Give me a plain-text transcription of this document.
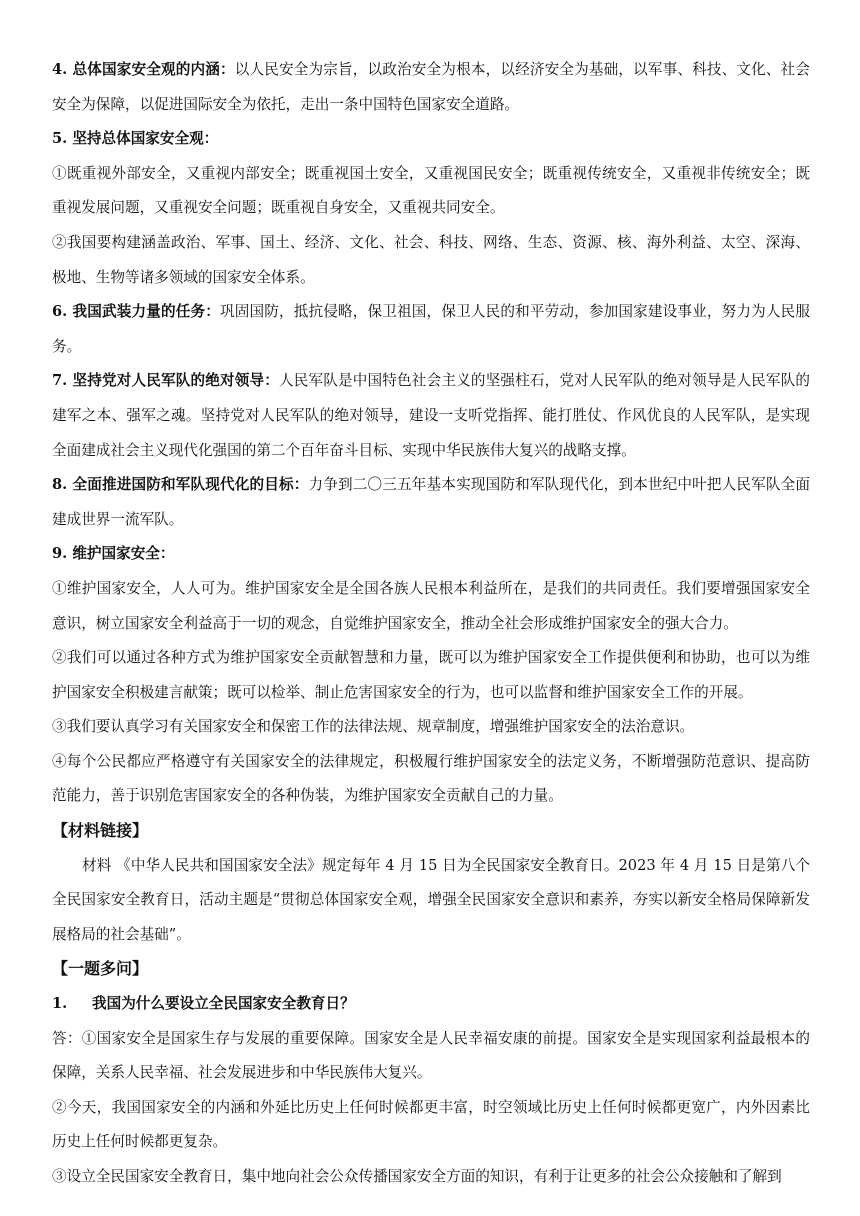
4. 总体国家安全观的内涵：以人民安全为宗旨，以政治安全为根本，以经济安全为基础，以军事、科技、文化、社会安全为保障，以促进国际安全为依托，走出一条中国特色国家安全道路。

5. 坚持总体国家安全观：

①既重视外部安全，又重视内部安全；既重视国土安全，又重视国民安全；既重视传统安全，又重视非传统安全；既重视发展问题，又重视安全问题；既重视自身安全，又重视共同安全。

②我国要构建涵盖政治、军事、国土、经济、文化、社会、科技、网络、生态、资源、核、海外利益、太空、深海、极地、生物等诸多领域的国家安全体系。

6. 我国武装力量的任务：巩固国防，抵抗侵略，保卫祖国，保卫人民的和平劳动，参加国家建设事业，努力为人民服务。

7. 坚持党对人民军队的绝对领导：人民军队是中国特色社会主义的坚强柱石，党对人民军队的绝对领导是人民军队的建军之本、强军之魂。坚持党对人民军队的绝对领导，建设一支听党指挥、能打胜仗、作风优良的人民军队，是实现全面建成社会主义现代化强国的第二个百年奋斗目标、实现中华民族伟大复兴的战略支撑。

8. 全面推进国防和军队现代化的目标：力争到二〇三五年基本实现国防和军队现代化，到本世纪中叶把人民军队全面建成世界一流军队。

9. 维护国家安全：

①维护国家安全，人人可为。维护国家安全是全国各族人民根本利益所在，是我们的共同责任。我们要增强国家安全意识，树立国家安全利益高于一切的观念，自觉维护国家安全，推动全社会形成维护国家安全的强大合力。

②我们可以通过各种方式为维护国家安全贡献智慧和力量，既可以为维护国家安全工作提供便利和协助，也可以为维护国家安全积极建言献策；既可以检举、制止危害国家安全的行为，也可以监督和维护国家安全工作的开展。

③我们要认真学习有关国家安全和保密工作的法律法规、规章制度，增强维护国家安全的法治意识。

④每个公民都应严格遵守有关国家安全的法律规定，积极履行维护国家安全的法定义务，不断增强防范意识、提高防范能力，善于识别危害国家安全的各种伪装，为维护国家安全贡献自己的力量。

【材料链接】

材料 《中华人民共和国国家安全法》规定每年 4 月 15 日为全民国家安全教育日。2023 年 4 月 15 日是第八个全民国家安全教育日，活动主题是“贯彻总体国家安全观，增强全民国家安全意识和素养，夯实以新安全格局保障新发展格局的社会基础”。

【一题多问】

1. 我国为什么要设立全民国家安全教育日？

答：①国家安全是国家生存与发展的重要保障。国家安全是人民幸福安康的前提。国家安全是实现国家利益最根本的保障，关系人民幸福、社会发展进步和中华民族伟大复兴。

②今天，我国国家安全的内涵和外延比历史上任何时候都更丰富，时空领域比历史上任何时候都更宽广，内外因素比历史上任何时候都更复杂。

③设立全民国家安全教育日，集中地向社会公众传播国家安全方面的知识，有利于让更多的社会公众接触和了解到
